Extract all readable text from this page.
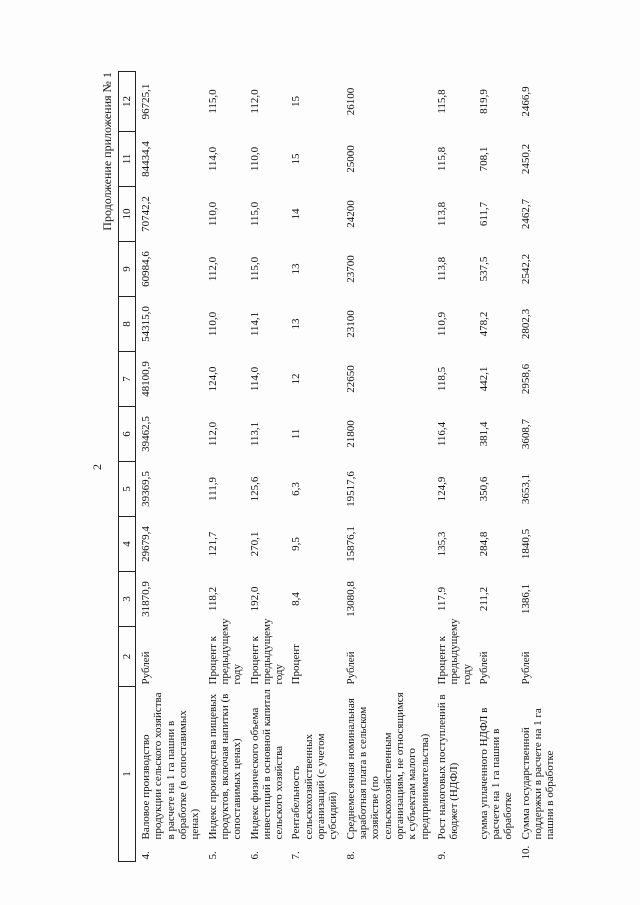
2
Продолжение приложения № 1
1	2	3	4	5	6	7	8	9	10	11	12

4.
Валовое производство продукции сельского хозяйства в расчете на 1 га пашни в обработке (в сопоставимых ценах)	Рублей	31870,9	29679,4	39369,5	39462,5	48100,9	54315,0	60984,6	70742,2	84434,4	96725,1

5.
Индекс производства пищевых продуктов, включая напитки (в сопоставимых ценах)	Процент к предыдущему году	118,2	121,7	111,9	112,0	124,0	110,0	112,0	110,0	114,0	115,0

6.
Индекс физического объема инвестиций в основной капитал сельского хозяйства	Процент к предыдущему году	192,0	270,1	125,6	113,1	114,0	114,1	115,0	115,0	110,0	112,0

7.
Рентабельность сельскохозяйственных организаций (с учетом субсидий)	Процент	8,4	9,5	6,3	11	12	13	13	14	15	15

8.
Среднемесячная номинальная заработная плата в сельском хозяйстве (по сельскохозяйственным организациям, не относящимся к субъектам малого предпринимательства)	Рублей	13080,8	15876,1	19517,6	21800	22650	23100	23700	24200	25000	26100

9.
Рост налоговых поступлений в бюджет (НДФЛ)	Процент к предыдущему году	117,9	135,3	124,9	116,4	118,5	110,9	113,8	113,8	115,8	115,8

сумма уплаченного НДФЛ в расчете на 1 га пашни в обработке	Рублей	211,2	284,8	350,6	381,4	442,1	478,2	537,5	611,7	708,1	819,9

10.
Сумма государственной поддержки в расчете на 1 га пашни в обработке	Рублей	1386,1	1840,5	3653,1	3608,7	2958,6	2802,3	2542,2	2462,7	2450,2	2466,9
